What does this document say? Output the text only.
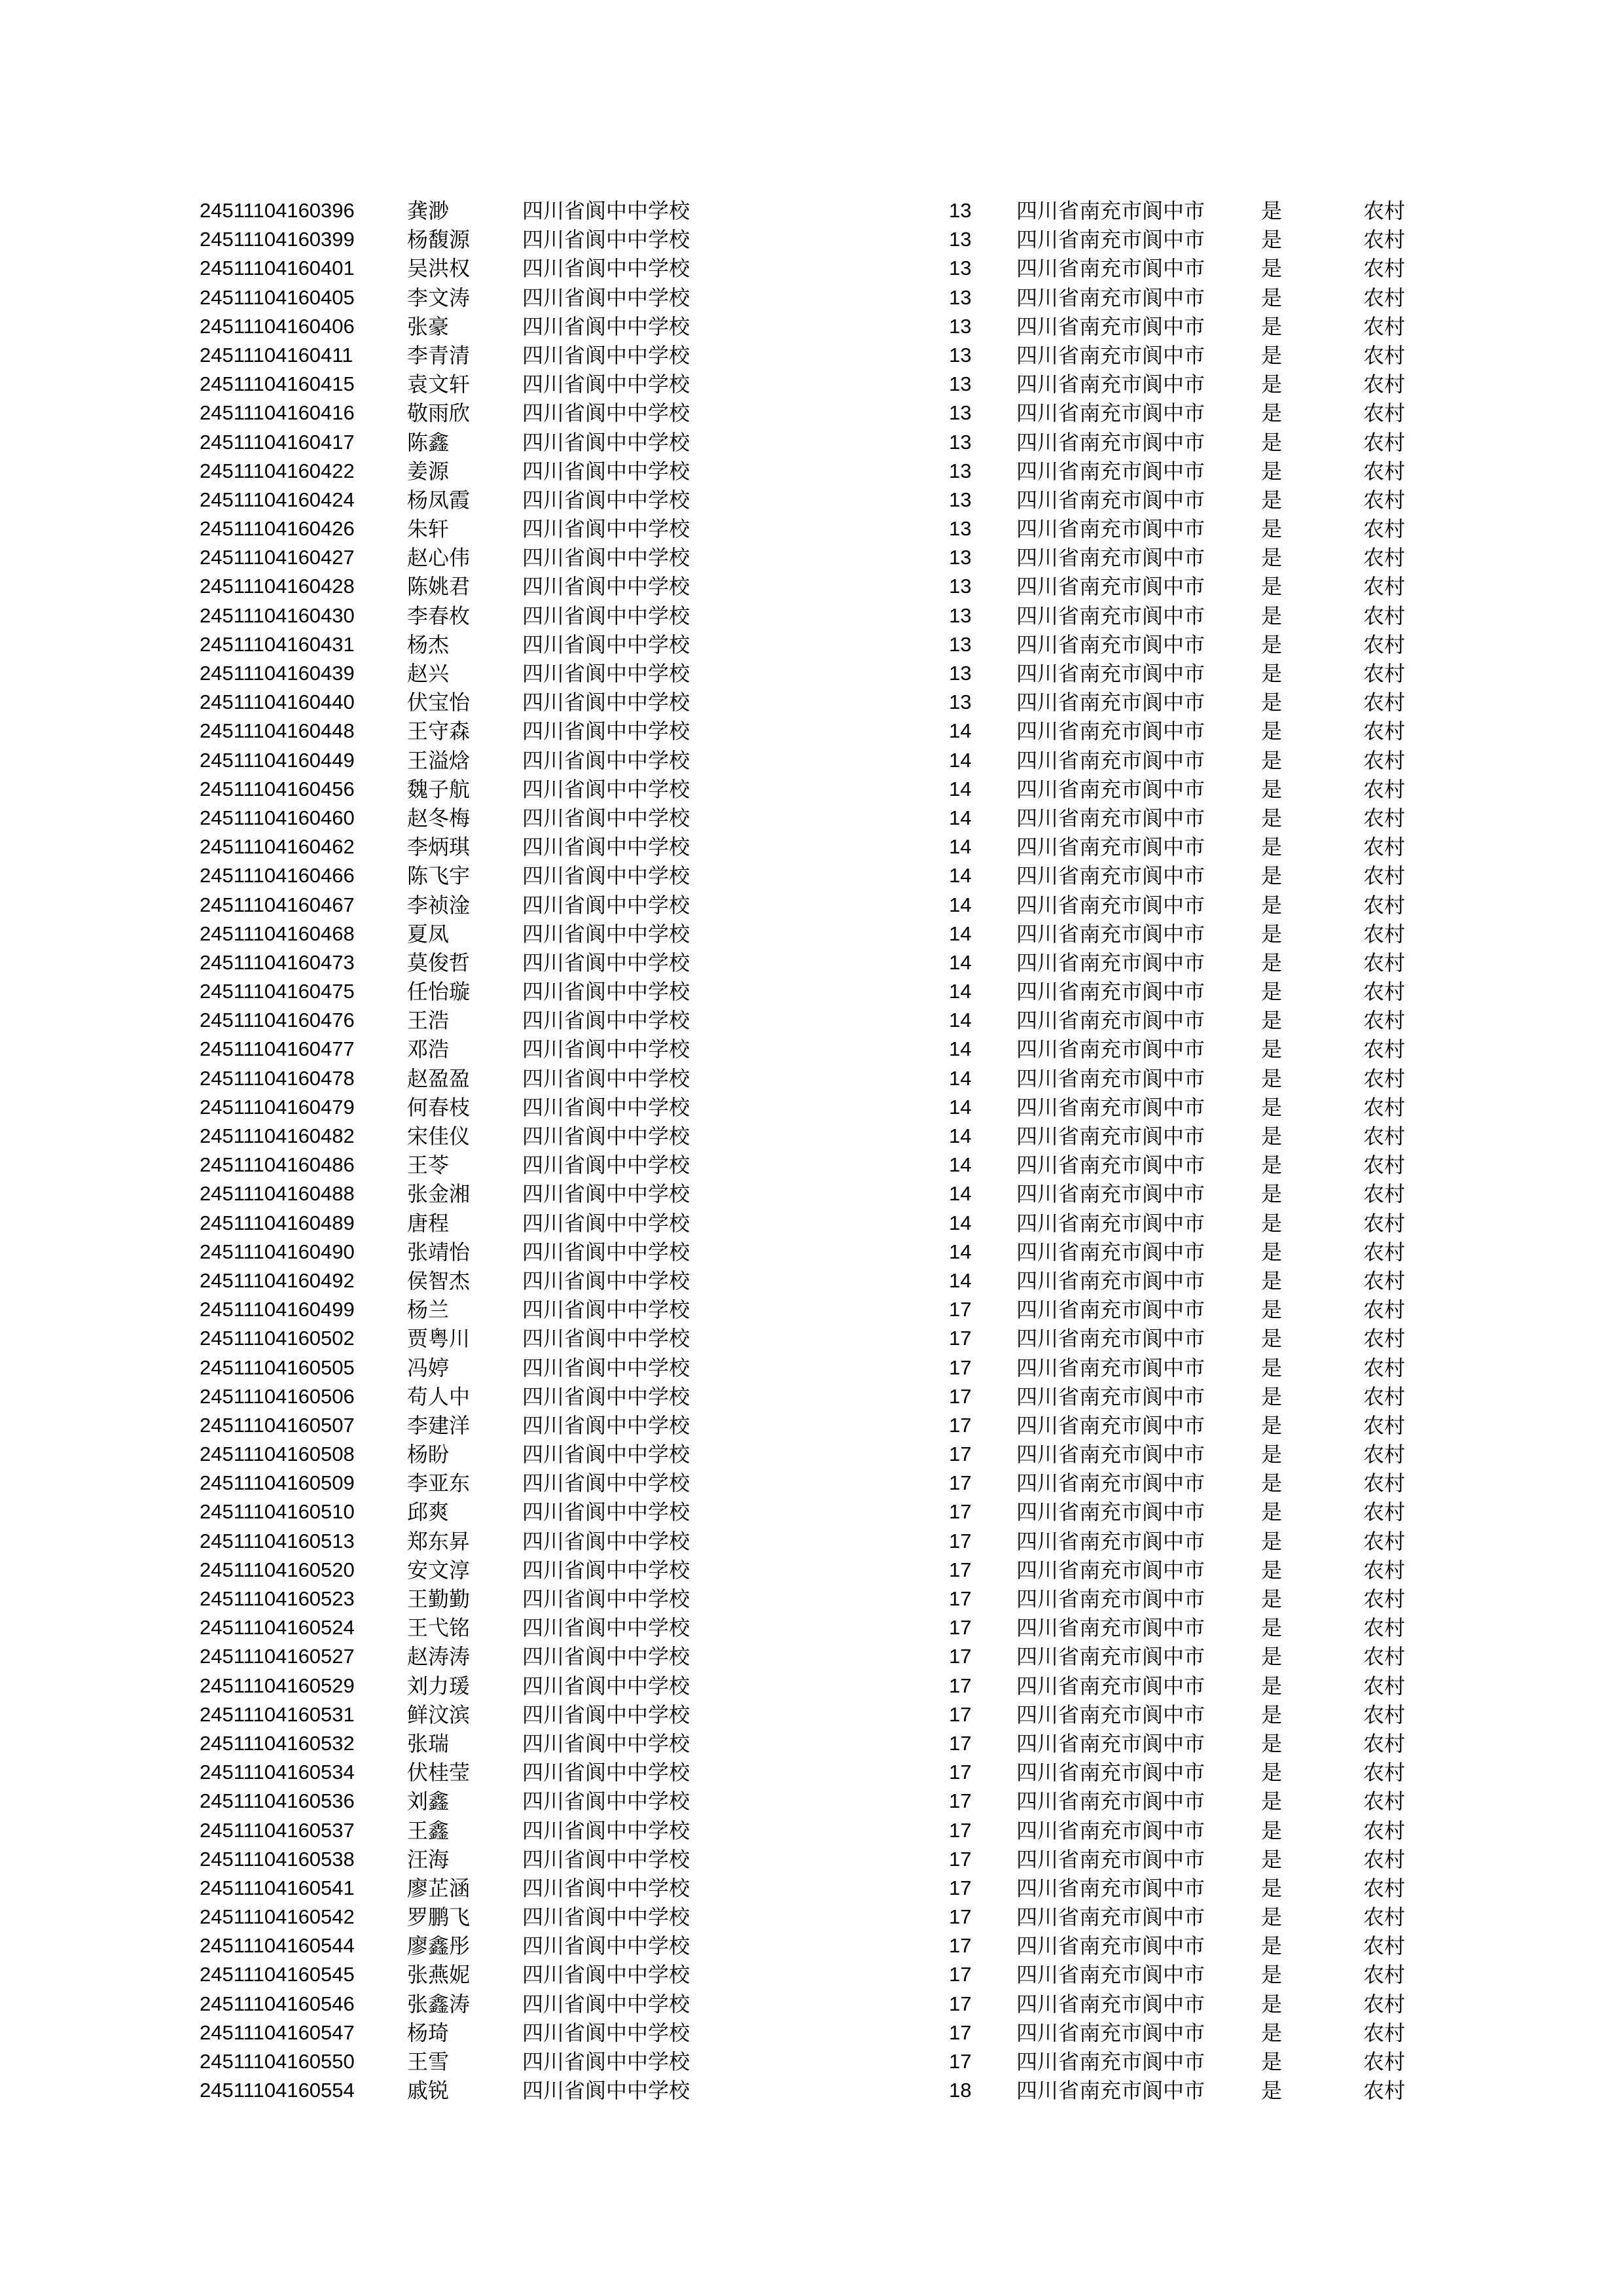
24511104160396	龚渺	四川省阆中中学校	13 四川省南充市阆中市	是	农村
24511104160399	杨馥源 四川省阆中中学校	13 四川省南充市阆中市	是	农村
24511104160401	吴洪权 四川省阆中中学校	13 四川省南充市阆中市	是	农村
24511104160405	李文涛 四川省阆中中学校	13 四川省南充市阆中市	是	农村
24511104160406	张豪	四川省阆中中学校	13 四川省南充市阆中市	是	农村
24511104160411	李青清 四川省阆中中学校	13 四川省南充市阆中市	是	农村
24511104160415	袁文轩 四川省阆中中学校	13 四川省南充市阆中市	是	农村
24511104160416	敬雨欣 四川省阆中中学校	13 四川省南充市阆中市	是	农村
24511104160417	陈鑫	四川省阆中中学校	13 四川省南充市阆中市	是	农村
24511104160422	姜源	四川省阆中中学校	13 四川省南充市阆中市	是	农村
24511104160424	杨凤霞 四川省阆中中学校	13 四川省南充市阆中市	是	农村
24511104160426	朱轩	四川省阆中中学校	13 四川省南充市阆中市	是	农村
24511104160427	赵心伟 四川省阆中中学校	13 四川省南充市阆中市	是	农村
24511104160428	陈姚君 四川省阆中中学校	13 四川省南充市阆中市	是	农村
24511104160430	李春枚 四川省阆中中学校	13 四川省南充市阆中市	是	农村
24511104160431	杨杰	四川省阆中中学校	13 四川省南充市阆中市	是	农村
24511104160439	赵兴	四川省阆中中学校	13 四川省南充市阆中市	是	农村
24511104160440	伏宝怡 四川省阆中中学校	13 四川省南充市阆中市	是	农村
24511104160448	王守森 四川省阆中中学校	14 四川省南充市阆中市	是	农村
24511104160449	王溢焓 四川省阆中中学校	14 四川省南充市阆中市	是	农村
24511104160456	魏子航 四川省阆中中学校	14 四川省南充市阆中市	是	农村
24511104160460	赵冬梅 四川省阆中中学校	14 四川省南充市阆中市	是	农村
24511104160462	李炳琪 四川省阆中中学校	14 四川省南充市阆中市	是	农村
24511104160466	陈飞宇 四川省阆中中学校	14 四川省南充市阆中市	是	农村
24511104160467	李祯淦 四川省阆中中学校	14 四川省南充市阆中市	是	农村
24511104160468	夏凤	四川省阆中中学校	14 四川省南充市阆中市	是	农村
24511104160473	莫俊哲 四川省阆中中学校	14 四川省南充市阆中市	是	农村
24511104160475	任怡璇 四川省阆中中学校	14 四川省南充市阆中市	是	农村
24511104160476	王浩	四川省阆中中学校	14 四川省南充市阆中市	是	农村
24511104160477	邓浩	四川省阆中中学校	14 四川省南充市阆中市	是	农村
24511104160478	赵盈盈 四川省阆中中学校	14 四川省南充市阆中市	是	农村
24511104160479	何春枝 四川省阆中中学校	14 四川省南充市阆中市	是	农村
24511104160482	宋佳仪 四川省阆中中学校	14 四川省南充市阆中市	是	农村
24511104160486	王苓	四川省阆中中学校	14 四川省南充市阆中市	是	农村
24511104160488	张金湘 四川省阆中中学校	14 四川省南充市阆中市	是	农村
24511104160489	唐程	四川省阆中中学校	14 四川省南充市阆中市	是	农村
24511104160490	张靖怡 四川省阆中中学校	14 四川省南充市阆中市	是	农村
24511104160492	侯智杰 四川省阆中中学校	14 四川省南充市阆中市	是	农村
24511104160499	杨兰	四川省阆中中学校	17 四川省南充市阆中市	是	农村
24511104160502	贾粤川 四川省阆中中学校	17 四川省南充市阆中市	是	农村
24511104160505	冯婷	四川省阆中中学校	17 四川省南充市阆中市	是	农村
24511104160506	苟人中 四川省阆中中学校	17 四川省南充市阆中市	是	农村
24511104160507	李建洋 四川省阆中中学校	17 四川省南充市阆中市	是	农村
24511104160508	杨盼	四川省阆中中学校	17 四川省南充市阆中市	是	农村
24511104160509	李亚东 四川省阆中中学校	17 四川省南充市阆中市	是	农村
24511104160510	邱爽	四川省阆中中学校	17 四川省南充市阆中市	是	农村
24511104160513	郑东昇 四川省阆中中学校	17 四川省南充市阆中市	是	农村
24511104160520	安文淳 四川省阆中中学校	17 四川省南充市阆中市	是	农村
24511104160523	王勤勤 四川省阆中中学校	17 四川省南充市阆中市	是	农村
24511104160524	王弋铭 四川省阆中中学校	17 四川省南充市阆中市	是	农村
24511104160527	赵涛涛 四川省阆中中学校	17 四川省南充市阆中市	是	农村
24511104160529	刘力瑗 四川省阆中中学校	17 四川省南充市阆中市	是	农村
24511104160531	鲜汶滨 四川省阆中中学校	17 四川省南充市阆中市	是	农村
24511104160532	张瑞	四川省阆中中学校	17 四川省南充市阆中市	是	农村
24511104160534	伏桂莹 四川省阆中中学校	17 四川省南充市阆中市	是	农村
24511104160536	刘鑫	四川省阆中中学校	17 四川省南充市阆中市	是	农村
24511104160537	王鑫	四川省阆中中学校	17 四川省南充市阆中市	是	农村
24511104160538	汪海	四川省阆中中学校	17 四川省南充市阆中市	是	农村
24511104160541	廖芷涵 四川省阆中中学校	17 四川省南充市阆中市	是	农村
24511104160542	罗鹏飞 四川省阆中中学校	17 四川省南充市阆中市	是	农村
24511104160544	廖鑫彤 四川省阆中中学校	17 四川省南充市阆中市	是	农村
24511104160545	张燕妮 四川省阆中中学校	17 四川省南充市阆中市	是	农村
24511104160546	张鑫涛 四川省阆中中学校	17 四川省南充市阆中市	是	农村
24511104160547	杨琦	四川省阆中中学校	17 四川省南充市阆中市	是	农村
24511104160550	王雪	四川省阆中中学校	17 四川省南充市阆中市	是	农村
24511104160554	戚锐	四川省阆中中学校	18 四川省南充市阆中市	是	农村
